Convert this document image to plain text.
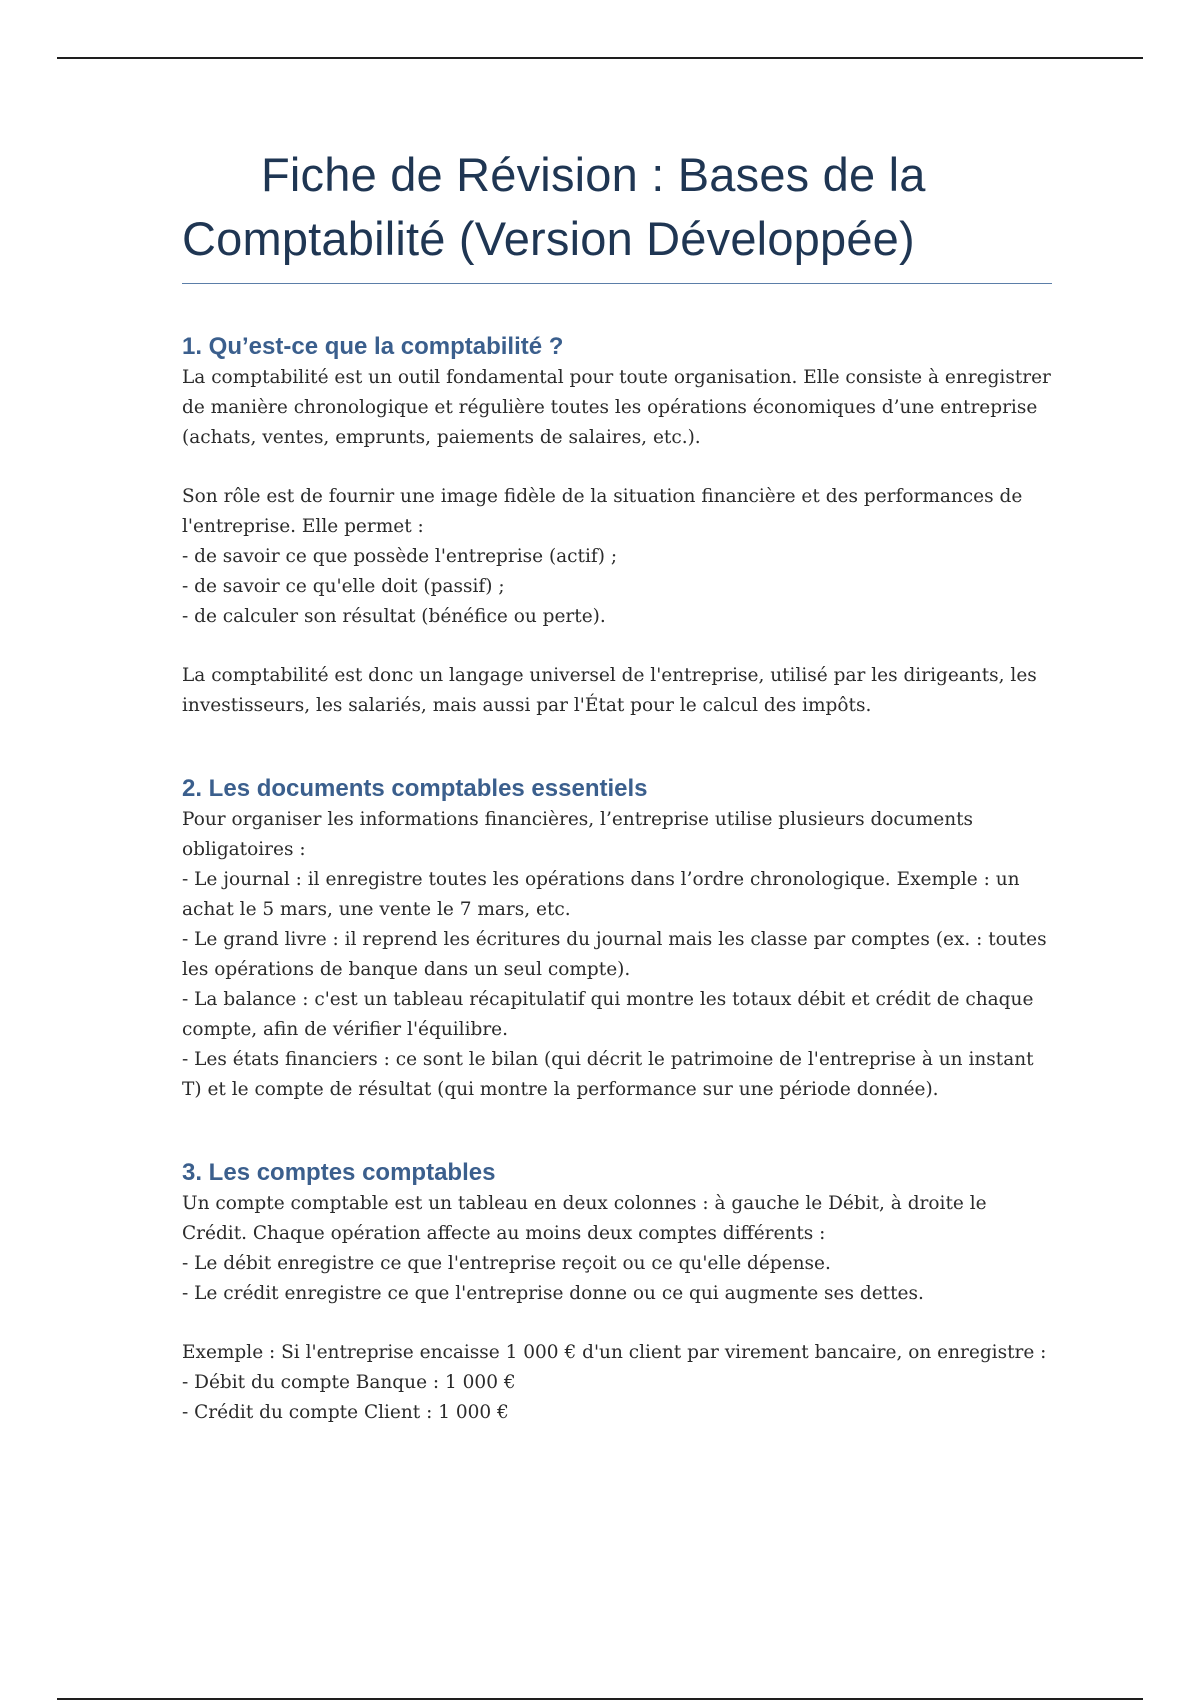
Fiche de Révision : Bases de la Comptabilité (Version Développée)
1. Qu’est-ce que la comptabilité ?

La comptabilité est un outil fondamental pour toute organisation. Elle consiste à enregistrer de manière chronologique et régulière toutes les opérations économiques d’une entreprise (achats, ventes, emprunts, paiements de salaires, etc.).

Son rôle est de fournir une image fidèle de la situation financière et des performances de l'entreprise. Elle permet :

- de savoir ce que possède l'entreprise (actif) ;
- de savoir ce qu'elle doit (passif) ;
- de calculer son résultat (bénéfice ou perte).

La comptabilité est donc un langage universel de l'entreprise, utilisé par les dirigeants, les investisseurs, les salariés, mais aussi par l'État pour le calcul des impôts.

2. Les documents comptables essentiels

Pour organiser les informations financières, l’entreprise utilise plusieurs documents obligatoires :

- Le journal : il enregistre toutes les opérations dans l’ordre chronologique. Exemple : un achat le 5 mars, une vente le 7 mars, etc.
- Le grand livre : il reprend les écritures du journal mais les classe par comptes (ex. : toutes les opérations de banque dans un seul compte).
- La balance : c'est un tableau récapitulatif qui montre les totaux débit et crédit de chaque compte, afin de vérifier l'équilibre.
- Les états financiers : ce sont le bilan (qui décrit le patrimoine de l'entreprise à un instant T) et le compte de résultat (qui montre la performance sur une période donnée).
3. Les comptes comptables

Un compte comptable est un tableau en deux colonnes : à gauche le Débit, à droite le Crédit. Chaque opération affecte au moins deux comptes différents :

- Le débit enregistre ce que l'entreprise reçoit ou ce qu'elle dépense.
- Le crédit enregistre ce que l'entreprise donne ou ce qui augmente ses dettes.

Exemple : Si l'entreprise encaisse 1 000 € d'un client par virement bancaire, on enregistre :

- Débit du compte Banque : 1 000 €
- Crédit du compte Client : 1 000 €
